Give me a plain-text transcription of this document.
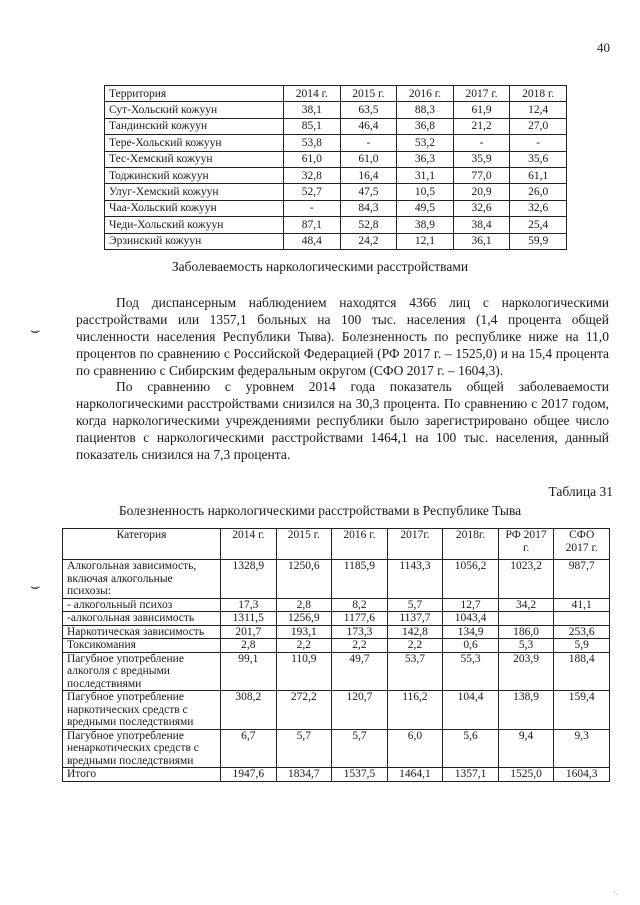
40
Территория	2014 г.	2015 г.	2016 г.	2017 г.	2018 г.
Сут-Хольский кожуун	38,1	63,5	88,3	61,9	12,4
Тандинский кожуун	85,1	46,4	36,8	21,2	27,0
Тере-Хольский кожуун	53,8	-	53,2	-	-
Тес-Хемский кожуун	61,0	61,0	36,3	35,9	35,6
Тоджинский кожуун	32,8	16,4	31,1	77,0	61,1
Улуг-Хемский кожуун	52,7	47,5	10,5	20,9	26,0
Чаа-Хольский кожуун	-	84,3	49,5	32,6	32,6
Чеди-Хольский кожуун	87,1	52,8	38,9	38,4	25,4
Эрзинский кожуун	48,4	24,2	12,1	36,1	59,9
Заболеваемость наркологическими расстройствами
Под диспансерным наблюдением находятся 4366 лиц с наркологическими расстройствами или 1357,1 больных на 100 тыс. населения (1,4 процента общей численности населения Республики Тыва). Болезненность по республике ниже на 11,0 процентов по сравнению с Российской Федерацией (РФ 2017 г. – 1525,0) и на 15,4 процента по сравнению с Сибирским федеральным округом (СФО 2017 г. – 1604,3).
По сравнению с уровнем 2014 года показатель общей заболеваемости наркологическими расстройствами снизился на 30,3 процента. По сравнению с 2017 годом, когда наркологическими учреждениями республики было зарегистрировано общее число пациентов с наркологическими расстройствами 1464,1 на 100 тыс. населения, данный показатель снизился на 7,3 процента.
Таблица 31
Болезненность наркологическими расстройствами в Республике Тыва
Категория	2014 г.	2015 г.	2016 г.	2017г.	2018г.	РФ 2017 г.	СФО 2017 г.
Алкогольная зависимость, включая алкогольные психозы:	1328,9	1250,6	1185,9	1143,3	1056,2	1023,2	987,7
- алкогольный психоз	17,3	2,8	8,2	5,7	12,7	34,2	41,1
-алкогольная зависимость	1311,5	1256,9	1177,6	1137,7	1043,4		
Наркотическая зависимость	201,7	193,1	173,3	142,8	134,9	186,0	253,6
Токсикомания	2,8	2,2	2,2	2,2	0,6	5,3	5,9
Пагубное употребление алкоголя с вредными последствиями	99,1	110,9	49,7	53,7	55,3	203,9	188,4
Пагубное употребление наркотических средств с вредными последствиями	308,2	272,2	120,7	116,2	104,4	138,9	159,4
Пагубное употребление ненаркотических средств с вредными последствиями	6,7	5,7	5,7	6,0	5,6	9,4	9,3
Итого	1947,6	1834,7	1537,5	1464,1	1357,1	1525,0	1604,3
⌣
⌣
·.
